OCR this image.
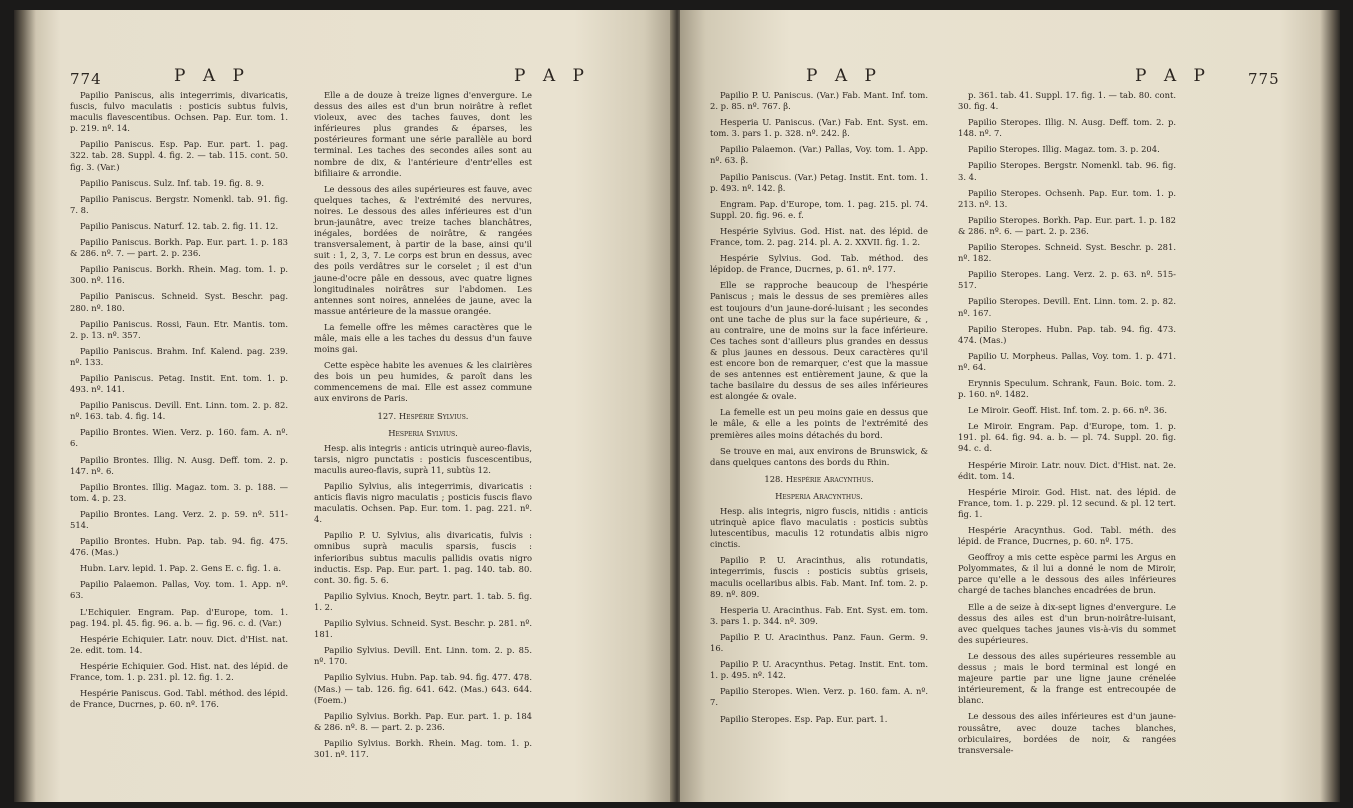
774	P A P	P A P

Papilio Paniscus, alis integerrimis, divaricatis, fuscis, fulvo maculatis : posticis subtus fulvis, maculis flavescentibus. Ochsen. Pap. Eur. tom. 1. p. 219. nº. 14.

Papilio Paniscus. Esp. Pap. Eur. part. 1. pag. 322. tab. 28. Suppl. 4. fig. 2. — tab. 115. cont. 50. fig. 3. (Var.)

Papilio Paniscus. Sulz. Inf. tab. 19. fig. 8. 9.

Papilio Paniscus. Bergstr. Nomenkl. tab. 91. fig. 7. 8.

Papilio Paniscus. Naturf. 12. tab. 2. fig. 11. 12.

Papilio Paniscus. Borkh. Pap. Eur. part. 1. p. 183 & 286. nº. 7. — part. 2. p. 236.

Papilio Paniscus. Borkh. Rhein. Mag. tom. 1. p. 300. nº. 116.

Papilio Paniscus. Schneid. Syst. Beschr. pag. 280. nº. 180.

Papilio Paniscus. Rossi, Faun. Etr. Mantis. tom. 2. p. 13. nº. 357.

Papilio Paniscus. Brahm. Inf. Kalend. pag. 239. nº. 133.

Papilio Paniscus. Petag. Instit. Ent. tom. 1. p. 493. nº. 141.

Papilio Paniscus. Devill. Ent. Linn. tom. 2. p. 82. nº. 163. tab. 4. fig. 14.

Papilio Brontes. Wien. Verz. p. 160. fam. A. nº. 6.

Papilio Brontes. Illig. N. Ausg. Deff. tom. 2. p. 147. nº. 6.

Papilio Brontes. Illig. Magaz. tom. 3. p. 188. — tom. 4. p. 23.

Papilio Brontes. Lang. Verz. 2. p. 59. nº. 511-514.

Papilio Brontes. Hubn. Pap. tab. 94. fig. 475. 476. (Mas.)

Hubn. Larv. lepid. 1. Pap. 2. Gens E. c. fig. 1. a.

Papilio Palaemon. Pallas, Voy. tom. 1. App. nº. 63.

L'Echiquier. Engram. Pap. d'Europe, tom. 1. pag. 194. pl. 45. fig. 96. a. b. — fig. 96. c. d. (Var.)

Hespérie Echiquier. Latr. nouv. Dict. d'Hist. nat. 2e. edit. tom. 14.

Hespérie Echiquier. God. Hist. nat. des lépid. de France, tom. 1. p. 231. pl. 12. fig. 1. 2.

Hespérie Paniscus. God. Tabl. méthod. des lépid. de France, Ducrnes, p. 60. nº. 176.

Elle a de douze à treize lignes d'envergure. Le dessus des ailes est d'un brun noirâtre à reflet violeux, avec des taches fauves, dont les inférieures plus grandes & éparses, les postérieures formant une série parallèle au bord terminal. Les taches des secondes ailes sont au nombre de dix, & l'antérieure d'entr'elles est bifiliaire & arrondie.

Le dessous des ailes supérieures est fauve, avec quelques taches, & l'extrémité des nervures, noires. Le dessous des ailes inférieures est d'un brun-jaunâtre, avec treize taches blanchâtres, inégales, bordées de noirâtre, & rangées transversalement, à partir de la base, ainsi qu'il suit : 1, 2, 3, 7. Le corps est brun en dessus, avec des poils verdâtres sur le corselet ; il est d'un jaune-d'ocre pâle en dessous, avec quatre lignes longitudinales noirâtres sur l'abdomen. Les antennes sont noires, annelées de jaune, avec la massue antérieure de la massue orangée.

La femelle offre les mêmes caractères que le mâle, mais elle a les taches du dessus d'un fauve moins gai.

Cette espèce habite les avenues & les clairières des bois un peu humides, & paroît dans les commencemens de mai. Elle est assez commune aux environs de Paris.

127. Hespérie Sylvius.

Hesperia Sylvius.

Hesp. alis integris : anticis utrinquè aureo-flavis, tarsis, nigro punctatis : posticis fuscescentibus, maculis aureo-flavis, suprà 11, subtùs 12.

Papilio Sylvius, alis integerrimis, divaricatis : anticis flavis nigro maculatis ; posticis fuscis flavo maculatis. Ochsen. Pap. Eur. tom. 1. pag. 221. nº. 4.

Papilio P. U. Sylvius, alis divaricatis, fulvis : omnibus suprà maculis sparsis, fuscis : inferioribus subtus maculis pallidis ovatis nigro inductis. Esp. Pap. Eur. part. 1. pag. 140. tab. 80. cont. 30. fig. 5. 6.

Papilio Sylvius. Knoch, Beytr. part. 1. tab. 5. fig. 1. 2.

Papilio Sylvius. Schneid. Syst. Beschr. p. 281. nº. 181.

Papilio Sylvius. Devill. Ent. Linn. tom. 2. p. 85. nº. 170.

Papilio Sylvius. Hubn. Pap. tab. 94. fig. 477. 478. (Mas.) — tab. 126. fig. 641. 642. (Mas.) 643. 644. (Foem.)

Papilio Sylvius. Borkh. Pap. Eur. part. 1. p. 184 & 286. nº. 8. — part. 2. p. 236.

Papilio Sylvius. Borkh. Rhein. Mag. tom. 1. p. 301. nº. 117.

P A P	P A P 775

Papilio P. U. Paniscus. (Var.) Fab. Mant. Inf. tom. 2. p. 85. nº. 767. β.

Hesperia U. Paniscus. (Var.) Fab. Ent. Syst. em. tom. 3. pars 1. p. 328. nº. 242. β.

Papilio Palaemon. (Var.) Pallas, Voy. tom. 1. App. nº. 63. β.

Papilio Paniscus. (Var.) Petag. Instit. Ent. tom. 1. p. 493. nº. 142. β.

Engram. Pap. d'Europe, tom. 1. pag. 215. pl. 74. Suppl. 20. fig. 96. e. f.

Hespérie Sylvius. God. Hist. nat. des lépid. de France, tom. 2. pag. 214. pl. A. 2. XXVII. fig. 1. 2.

Hespérie Sylvius. God. Tab. méthod. des lépidop. de France, Ducrnes, p. 61. nº. 177.

Elle se rapproche beaucoup de l'hespérie Paniscus ; mais le dessus de ses premières ailes est toujours d'un jaune-doré-luisant ; les secondes ont une tache de plus sur la face supérieure, & , au contraire, une de moins sur la face inférieure. Ces taches sont d'ailleurs plus grandes en dessus & plus jaunes en dessous. Deux caractères qu'il est encore bon de remarquer, c'est que la massue de ses antennes est entièrement jaune, & que la tache basilaire du dessus de ses ailes inférieures est alongée & ovale.

La femelle est un peu moins gaie en dessus que le mâle, & elle a les points de l'extrémité des premières ailes moins détachés du bord.

Se trouve en mai, aux environs de Brunswick, & dans quelques cantons des bords du Rhin.

128. Hespérie Aracynthus.

Hesperia Aracynthus.

Hesp. alis integris, nigro fuscis, nitidis : anticis utrinquè apice flavo maculatis : posticis subtùs lutescentibus, maculis 12 rotundatis albis nigro cinctis.

Papilio P. U. Aracinthus, alis rotundatis, integerrimis, fuscis : posticis subtùs griseis, maculis ocellaribus albis. Fab. Mant. Inf. tom. 2. p. 89. nº. 809.

Hesperia U. Aracinthus. Fab. Ent. Syst. em. tom. 3. pars 1. p. 344. nº. 309.

Papilio P. U. Aracinthus. Panz. Faun. Germ. 9. 16.

Papilio P. U. Aracynthus. Petag. Instit. Ent. tom. 1. p. 495. nº. 142.

Papilio Steropes. Wien. Verz. p. 160. fam. A. nº. 7.

Papilio Steropes. Esp. Pap. Eur. part. 1.

p. 361. tab. 41. Suppl. 17. fig. 1. — tab. 80. cont. 30. fig. 4.

Papilio Steropes. Illig. N. Ausg. Deff. tom. 2. p. 148. nº. 7.

Papilio Steropes. Illig. Magaz. tom. 3. p. 204.

Papilio Steropes. Bergstr. Nomenkl. tab. 96. fig. 3. 4.

Papilio Steropes. Ochsenh. Pap. Eur. tom. 1. p. 213. nº. 13.

Papilio Steropes. Borkh. Pap. Eur. part. 1. p. 182 & 286. nº. 6. — part. 2. p. 236.

Papilio Steropes. Schneid. Syst. Beschr. p. 281. nº. 182.

Papilio Steropes. Lang. Verz. 2. p. 63. nº. 515-517.

Papilio Steropes. Devill. Ent. Linn. tom. 2. p. 82. nº. 167.

Papilio Steropes. Hubn. Pap. tab. 94. fig. 473. 474. (Mas.)

Papilio U. Morpheus. Pallas, Voy. tom. 1. p. 471. nº. 64.

Erynnis Speculum. Schrank, Faun. Boic. tom. 2. p. 160. nº. 1482.

Le Miroir. Geoff. Hist. Inf. tom. 2. p. 66. nº. 36.

Le Miroir. Engram. Pap. d'Europe, tom. 1. p. 191. pl. 64. fig. 94. a. b. — pl. 74. Suppl. 20. fig. 94. c. d.

Hespérie Miroir. Latr. nouv. Dict. d'Hist. nat. 2e. édit. tom. 14.

Hespérie Miroir. God. Hist. nat. des lépid. de France, tom. 1. p. 229. pl. 12 secund. & pl. 12 tert. fig. 1.

Hespérie Aracynthus. God. Tabl. méth. des lépid. de France, Ducrnes, p. 60. nº. 175.

Geoffroy a mis cette espèce parmi les Argus en Polyommates, & il lui a donné le nom de Miroir, parce qu'elle a le dessous des ailes inférieures chargé de taches blanches encadrées de brun.

Elle a de seize à dix-sept lignes d'envergure. Le dessus des ailes est d'un brun-noirâtre-luisant, avec quelques taches jaunes vis-à-vis du sommet des supérieures.

Le dessous des ailes supérieures ressemble au dessus ; mais le bord terminal est longé en majeure partie par une ligne jaune crénelée intérieurement, & la frange est entrecoupée de blanc.

Le dessous des ailes inférieures est d'un jaune-roussâtre, avec douze taches blanches, orbiculaires, bordées de noir, & rangées transversale-
